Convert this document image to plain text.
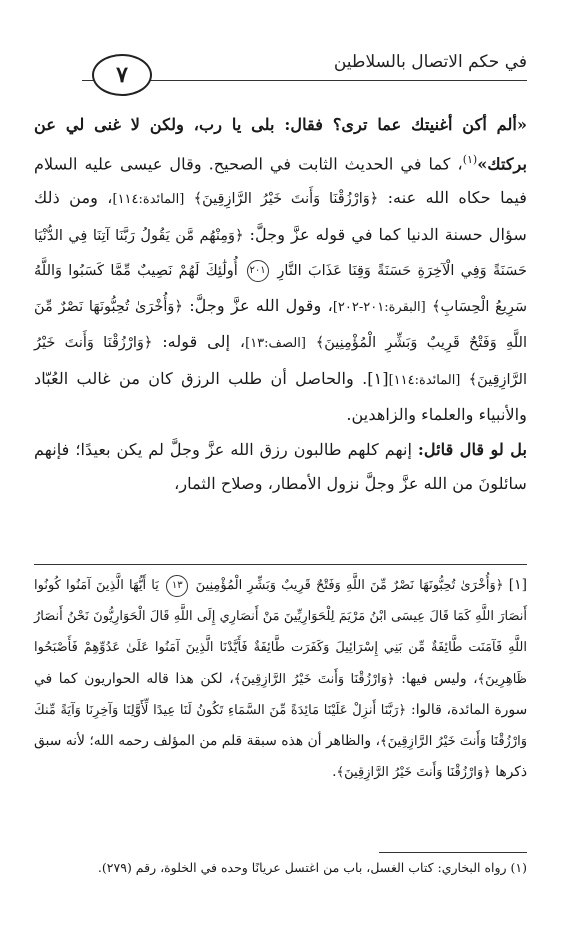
في حكم الاتصال بالسلاطين
٧

«ألم أكن أغنيتك عما ترى؟ فقال: بلى يا رب، ولكن لا غنى لي عن بركتك»$^{(١)}$، كما في الحديث الثابت في الصحيح. وقال عيسى عليه السلام فيما حكاه الله عنه: ﴿وَارْزُقْنَا وَأَنتَ خَيْرُ الرَّازِقِينَ﴾ [المائدة:١١٤]، ومن ذلك سؤال حسنة الدنيا كما في قوله عزَّ وجلَّ: ﴿وَمِنْهُم مَّن يَقُولُ رَبَّنَا آتِنَا فِي الدُّنْيَا حَسَنَةً وَفِي الْآخِرَةِ حَسَنَةً وَقِنَا عَذَابَ النَّارِ ٢٠١ أُولَٰئِكَ لَهُمْ نَصِيبٌ مِّمَّا كَسَبُوا وَاللَّهُ سَرِيعُ الْحِسَابِ﴾ [البقرة:٢٠١-٢٠٢]، وقول الله عزَّ وجلَّ: ﴿وَأُخْرَىٰ تُحِبُّونَهَا نَصْرٌ مِّنَ اللَّهِ وَفَتْحٌ قَرِيبٌ وَبَشِّرِ الْمُؤْمِنِينَ﴾ [الصف:١٣]، إلى قوله: ﴿وَارْزُقْنَا وَأَنتَ خَيْرُ الرَّازِقِينَ﴾ [المائدة:١١٤][١]. والحاصل أن طلب الرزق كان من غالب العُبّاد والأنبياء والعلماء والزاهدين.

بل لو قال قائل: إنهم كلهم طالبون رزق الله عزَّ وجلَّ لم يكن بعيدًا؛ فإنهم سائلونَ من الله عزَّ وجلَّ نزول الأمطار، وصلاح الثمار،

[١] ﴿وَأُخْرَىٰ تُحِبُّونَهَا نَصْرٌ مِّنَ اللَّهِ وَفَتْحٌ قَرِيبٌ وَبَشِّرِ الْمُؤْمِنِينَ ١٣ يَا أَيُّهَا الَّذِينَ آمَنُوا كُونُوا أَنصَارَ اللَّهِ كَمَا قَالَ عِيسَى ابْنُ مَرْيَمَ لِلْحَوَارِيِّينَ مَنْ أَنصَارِي إِلَى اللَّهِ قَالَ الْحَوَارِيُّونَ نَحْنُ أَنصَارُ اللَّهِ فَآمَنَت طَّائِفَةٌ مِّن بَنِي إِسْرَائِيلَ وَكَفَرَت طَّائِفَةٌ فَأَيَّدْنَا الَّذِينَ آمَنُوا عَلَىٰ عَدُوِّهِمْ فَأَصْبَحُوا ظَاهِرِينَ﴾، وليس فيها: ﴿وَارْزُقْنَا وَأَنتَ خَيْرُ الرَّازِقِينَ﴾، لكن هذا قاله الحواريون كما في سورة المائدة، قالوا: ﴿رَبَّنَا أَنزِلْ عَلَيْنَا مَائِدَةً مِّنَ السَّمَاءِ تَكُونُ لَنَا عِيدًا لِّأَوَّلِنَا وَآخِرِنَا وَآيَةً مِّنكَ وَارْزُقْنَا وَأَنتَ خَيْرُ الرَّازِقِينَ﴾، والظاهر أن هذه سبقة قلم من المؤلف رحمه الله؛ لأنه سبق ذكرها ﴿وَارْزُقْنَا وَأَنتَ خَيْرُ الرَّازِقِينَ﴾.

(١) رواه البخاري: كتاب الغسل، باب من اغتسل عريانًا وحده في الخلوة، رقم (٢٧٩).
